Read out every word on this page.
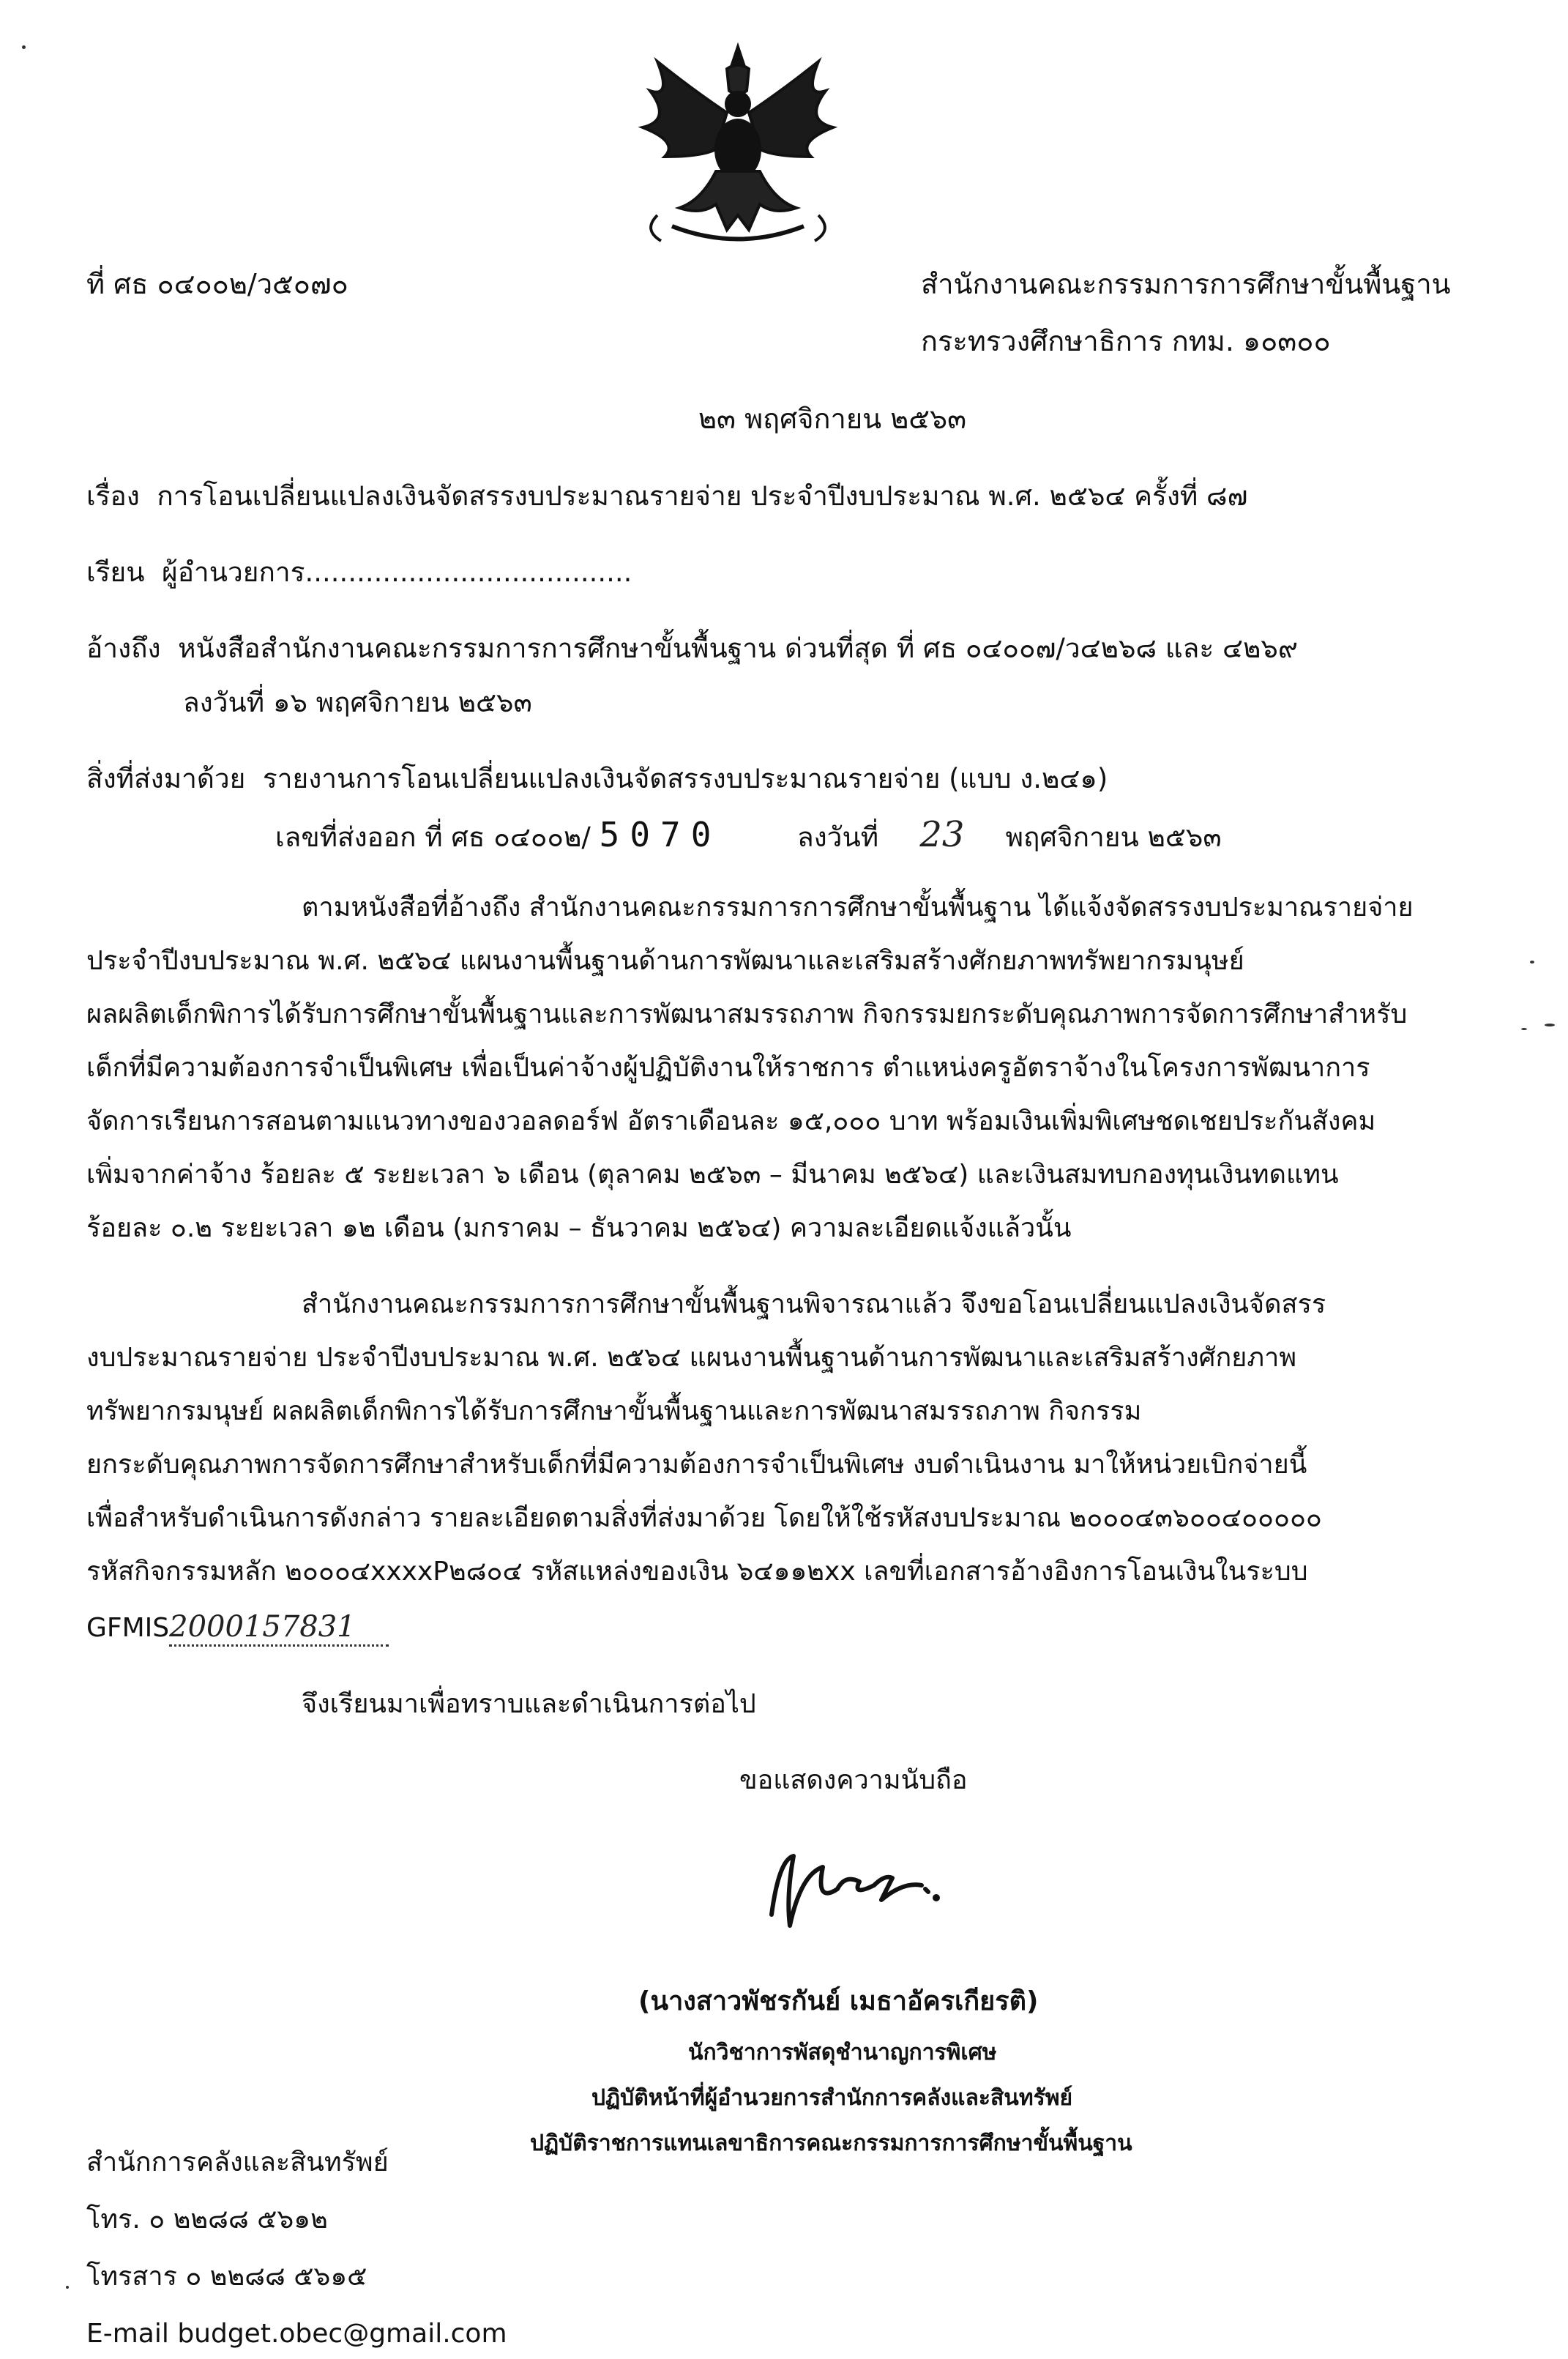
ที่ ศธ ๐๔๐๐๒/ว๕๐๗๐	สำนักงานคณะกรรมการการศึกษาขั้นพื้นฐาน
กระทรวงศึกษาธิการ กทม. ๑๐๓๐๐
๒๓ พฤศจิกายน ๒๕๖๓
เรื่อง การโอนเปลี่ยนแปลงเงินจัดสรรงบประมาณรายจ่าย ประจำปีงบประมาณ พ.ศ. ๒๕๖๔ ครั้งที่ ๘๗
เรียน ผู้อำนวยการ......................................
อ้างถึง หนังสือสำนักงานคณะกรรมการการศึกษาขั้นพื้นฐาน ด่วนที่สุด ที่ ศธ ๐๔๐๐๗/ว๔๒๖๘ และ ๔๒๖๙
ลงวันที่ ๑๖ พฤศจิกายน ๒๕๖๓
สิ่งที่ส่งมาด้วย รายงานการโอนเปลี่ยนแปลงเงินจัดสรรงบประมาณรายจ่าย (แบบ ง.๒๔๑)
เลขที่ส่งออก ที่ ศธ ๐๔๐๐๒/ 5070	ลงวันที่ 23 พฤศจิกายน ๒๕๖๓
ตามหนังสือที่อ้างถึง สำนักงานคณะกรรมการการศึกษาขั้นพื้นฐาน ได้แจ้งจัดสรรงบประมาณรายจ่าย
ประจำปีงบประมาณ พ.ศ. ๒๕๖๔ แผนงานพื้นฐานด้านการพัฒนาและเสริมสร้างศักยภาพทรัพยากรมนุษย์
ผลผลิตเด็กพิการได้รับการศึกษาขั้นพื้นฐานและการพัฒนาสมรรถภาพ กิจกรรมยกระดับคุณภาพการจัดการศึกษาสำหรับ
เด็กที่มีความต้องการจำเป็นพิเศษ เพื่อเป็นค่าจ้างผู้ปฏิบัติงานให้ราชการ ตำแหน่งครูอัตราจ้างในโครงการพัฒนาการ
จัดการเรียนการสอนตามแนวทางของวอลดอร์ฟ อัตราเดือนละ ๑๕,๐๐๐ บาท พร้อมเงินเพิ่มพิเศษชดเชยประกันสังคม
เพิ่มจากค่าจ้าง ร้อยละ ๕ ระยะเวลา ๖ เดือน (ตุลาคม ๒๕๖๓ – มีนาคม ๒๕๖๔) และเงินสมทบกองทุนเงินทดแทน
ร้อยละ ๐.๒ ระยะเวลา ๑๒ เดือน (มกราคม – ธันวาคม ๒๕๖๔) ความละเอียดแจ้งแล้วนั้น
สำนักงานคณะกรรมการการศึกษาขั้นพื้นฐานพิจารณาแล้ว จึงขอโอนเปลี่ยนแปลงเงินจัดสรร
งบประมาณรายจ่าย ประจำปีงบประมาณ พ.ศ. ๒๕๖๔ แผนงานพื้นฐานด้านการพัฒนาและเสริมสร้างศักยภาพ
ทรัพยากรมนุษย์ ผลผลิตเด็กพิการได้รับการศึกษาขั้นพื้นฐานและการพัฒนาสมรรถภาพ กิจกรรม
ยกระดับคุณภาพการจัดการศึกษาสำหรับเด็กที่มีความต้องการจำเป็นพิเศษ งบดำเนินงาน มาให้หน่วยเบิกจ่ายนี้
เพื่อสำหรับดำเนินการดังกล่าว รายละเอียดตามสิ่งที่ส่งมาด้วย โดยให้ใช้รหัสงบประมาณ ๒๐๐๐๔๓๖๐๐๔๐๐๐๐๐
รหัสกิจกรรมหลัก ๒๐๐๐๔xxxxP๒๘๐๔ รหัสแหล่งของเงิน ๖๔๑๑๒xx เลขที่เอกสารอ้างอิงการโอนเงินในระบบ
GFMIS2000157831
จึงเรียนมาเพื่อทราบและดำเนินการต่อไป
ขอแสดงความนับถือ
(นางสาวพัชรกันย์ เมธาอัครเกียรติ)
นักวิชาการพัสดุชำนาญการพิเศษ
ปฏิบัติหน้าที่ผู้อำนวยการสำนักการคลังและสินทรัพย์
ปฏิบัติราชการแทนเลขาธิการคณะกรรมการการศึกษาขั้นพื้นฐาน
สำนักการคลังและสินทรัพย์
โทร. ๐ ๒๒๘๘ ๕๖๑๒
โทรสาร ๐ ๒๒๘๘ ๕๖๑๕
E-mail budget.obec@gmail.com
